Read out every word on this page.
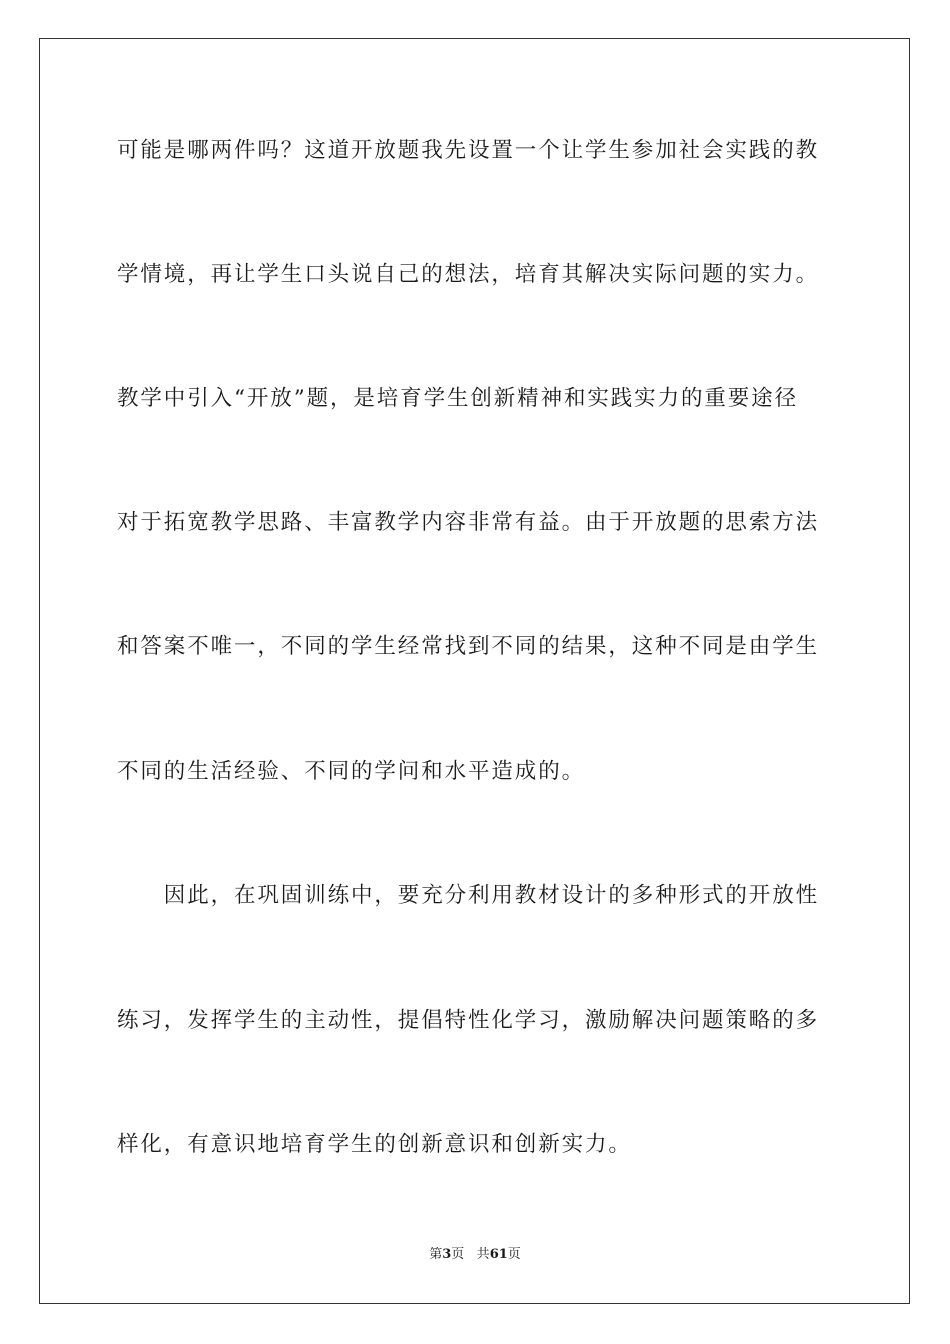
可能是哪两件吗？这道开放题我先设置一个让学生参加社会实践的教
学情境，再让学生口头说自己的想法，培育其解决实际问题的实力。
教学中引入“开放”题，是培育学生创新精神和实践实力的重要途径
对于拓宽教学思路、丰富教学内容非常有益。由于开放题的思索方法
和答案不唯一，不同的学生经常找到不同的结果，这种不同是由学生
不同的生活经验、不同的学问和水平造成的。
　　因此，在巩固训练中，要充分利用教材设计的多种形式的开放性
练习，发挥学生的主动性，提倡特性化学习，激励解决问题策略的多
样化，有意识地培育学生的创新意识和创新实力。
第3页 共61页
